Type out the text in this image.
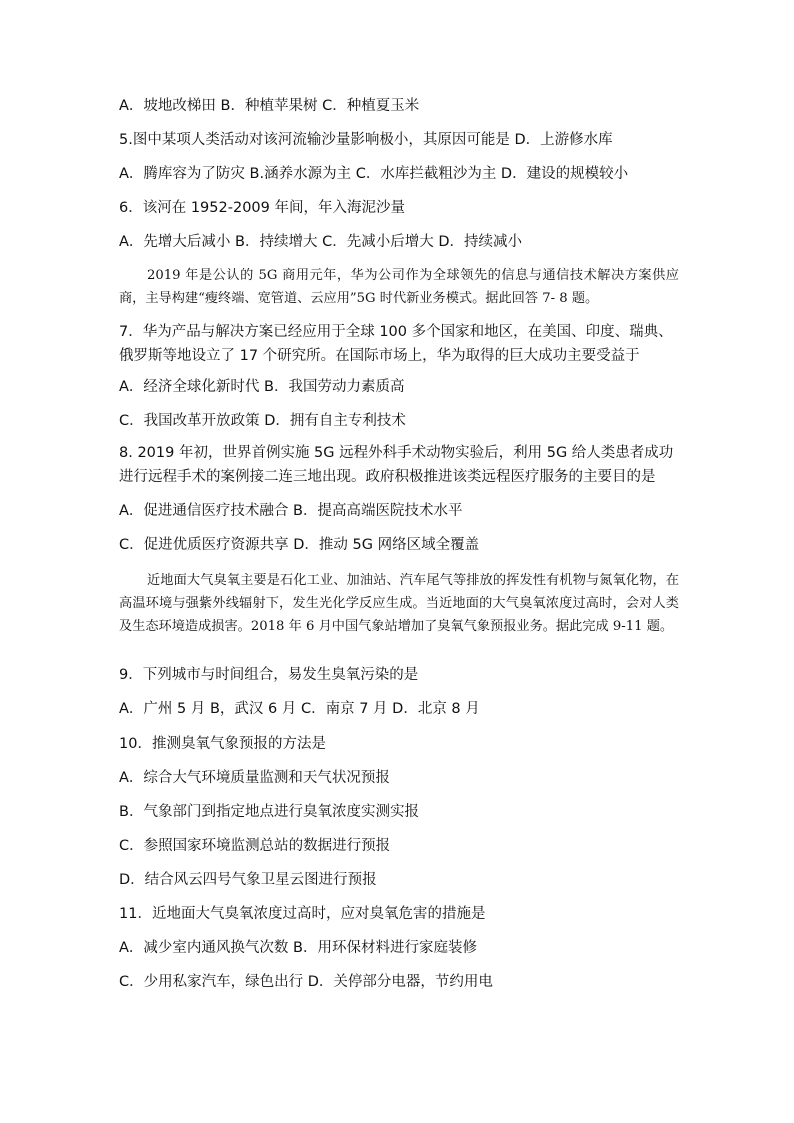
A．坡地改梯田 B．种植苹果树 C．种植夏玉米
5.图中某项人类活动对该河流输沙量影响极小，其原因可能是 D．上游修水库
A．腾库容为了防灾 B.涵养水源为主 C．水库拦截粗沙为主 D．建设的规模较小
6．该河在 1952-2009 年间，年入海泥沙量
A．先增大后减小 B．持续增大 C．先减小后增大 D．持续减小
2019 年是公认的 5G 商用元年，华为公司作为全球领先的信息与通信技术解决方案供应商，主导构建“瘦终端、宽管道、云应用”5G 时代新业务模式。据此回答 7- 8 题。
7．华为产品与解决方案已经应用于全球 100 多个国家和地区，在美国、印度、瑞典、俄罗斯等地设立了 17 个研究所。在国际市场上，华为取得的巨大成功主要受益于
A．经济全球化新时代 B．我国劳动力素质高
C．我国改革开放政策 D．拥有自主专利技术
8. 2019 年初，世界首例实施 5G 远程外科手术动物实验后，利用 5G 给人类患者成功进行远程手术的案例接二连三地出现。政府积极推进该类远程医疗服务的主要目的是
A．促进通信医疗技术融合 B．提高高端医院技术水平
C．促进优质医疗资源共享 D．推动 5G 网络区域全覆盖
近地面大气臭氧主要是石化工业、加油站、汽车尾气等排放的挥发性有机物与氮氧化物，在高温环境与强紫外线辐射下，发生光化学反应生成。当近地面的大气臭氧浓度过高时，会对人类及生态环境造成损害。2018 年 6 月中国气象站增加了臭氧气象预报业务。据此完成 9-11 题。
9．下列城市与时间组合，易发生臭氧污染的是
A．广州 5 月 B，武汉 6 月 C．南京 7 月 D．北京 8 月
10．推测臭氧气象预报的方法是
A．综合大气环境质量监测和天气状况预报
B．气象部门到指定地点进行臭氧浓度实测实报
C．参照国家环境监测总站的数据进行预报
D．结合风云四号气象卫星云图进行预报
11．近地面大气臭氧浓度过高时，应对臭氧危害的措施是
A．减少室内通风换气次数 B．用环保材料进行家庭装修
C．少用私家汽车，绿色出行 D．关停部分电器，节约用电
